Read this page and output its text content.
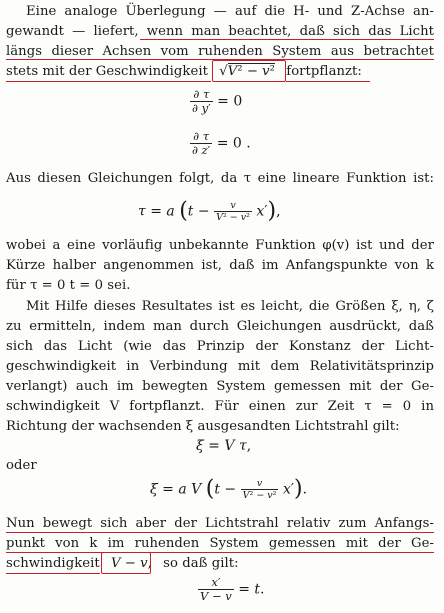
Eine analoge Überlegung — auf die H- und Z-Achse an-
gewandt — liefert, wenn man beachtet, daß sich das Licht
längs dieser Achsen vom ruhenden System aus betrachtet
stets mit der Geschwindigkeit √V² − v² fortpflanzt:
$\frac{\partial \tau}{\partial y'} = 0$
$\frac{\partial \tau}{\partial z'} = 0$ .
Aus diesen Gleichungen folgt, da τ eine lineare Funktion ist:
τ = a $(t - \frac{v}{\text{V² − v²}} x')$,
wobei a eine vorläufig unbekannte Funktion φ(v) ist und der
Kürze halber angenommen ist, daß im Anfangspunkte von k
für τ = 0 t = 0 sei.
Mit Hilfe dieses Resultates ist es leicht, die Größen ξ, η, ζ
zu ermitteln, indem man durch Gleichungen ausdrückt, daß
sich das Licht (wie das Prinzip der Konstanz der Licht-
geschwindigkeit in Verbindung mit dem Relativitätsprinzip
verlangt) auch im bewegten System gemessen mit der Ge-
schwindigkeit V fortpflanzt. Für einen zur Zeit τ = 0 in
Richtung der wachsenden ξ ausgesandten Lichtstrahl gilt:
ξ = V τ,
oder
ξ = a V $(t - \frac{v}{\text{V² − v²}} x')$.
Nun bewegt sich aber der Lichtstrahl relativ zum Anfangs-
punkt von k im ruhenden System gemessen mit der Ge-
schwindigkeit V − v, so daß gilt:
$\frac{x'}{V - v} = t$.
